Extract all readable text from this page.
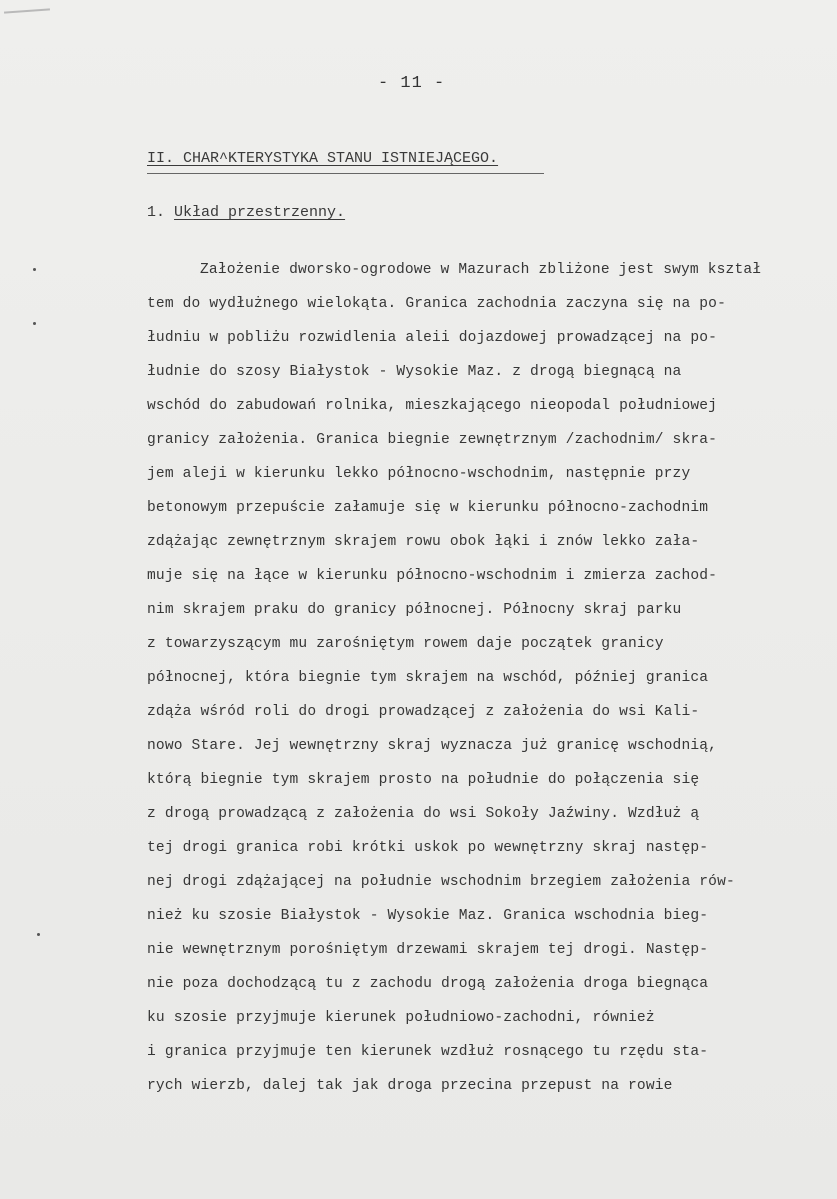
- 11 -
II. CHAR^KTERYSTYKA STANU ISTNIEJĄCEGO.
1. Układ przestrzenny.
Założenie dworsko-ogrodowe w Mazurach zbliżone jest swym kształ
tem do wydłużnego wielokąta. Granica zachodnia zaczyna się na po-
łudniu w pobliżu rozwidlenia aleii dojazdowej prowadzącej na po-
łudnie do szosy Białystok - Wysokie Maz. z drogą biegnącą na
wschód do zabudowań rolnika, mieszkającego nieopodal południowej
granicy założenia. Granica biegnie zewnętrznym /zachodnim/ skra-
jem aleji w kierunku lekko północno-wschodnim, następnie przy
betonowym przepuście załamuje się w kierunku północno-zachodnim
zdążając zewnętrznym skrajem rowu obok łąki i znów lekko zała-
muje się na łące w kierunku północno-wschodnim i zmierza zachod-
nim skrajem praku do granicy północnej. Północny skraj parku
z towarzyszącym mu zarośniętym rowem daje początek granicy
północnej, która biegnie tym skrajem na wschód, później granica
zdąża wśród roli do drogi prowadzącej z założenia do wsi Kali-
nowo Stare. Jej wewnętrzny skraj wyznacza już granicę wschodnią,
którą biegnie tym skrajem prosto na południe do połączenia się
z drogą prowadzącą z założenia do wsi Sokoły Jaźwiny. Wzdłuż ą
tej drogi granica robi krótki uskok po wewnętrzny skraj następ-
nej drogi zdążającej na południe wschodnim brzegiem założenia rów-
nież ku szosie Białystok - Wysokie Maz. Granica wschodnia bieg-
nie wewnętrznym porośniętym drzewami skrajem tej drogi. Następ-
nie poza dochodzącą tu z zachodu drogą założenia droga biegnąca
ku szosie przyjmuje kierunek południowo-zachodni, również
i granica przyjmuje ten kierunek wzdłuż rosnącego tu rzędu sta-
rych wierzb, dalej tak jak droga przecina przepust na rowie
